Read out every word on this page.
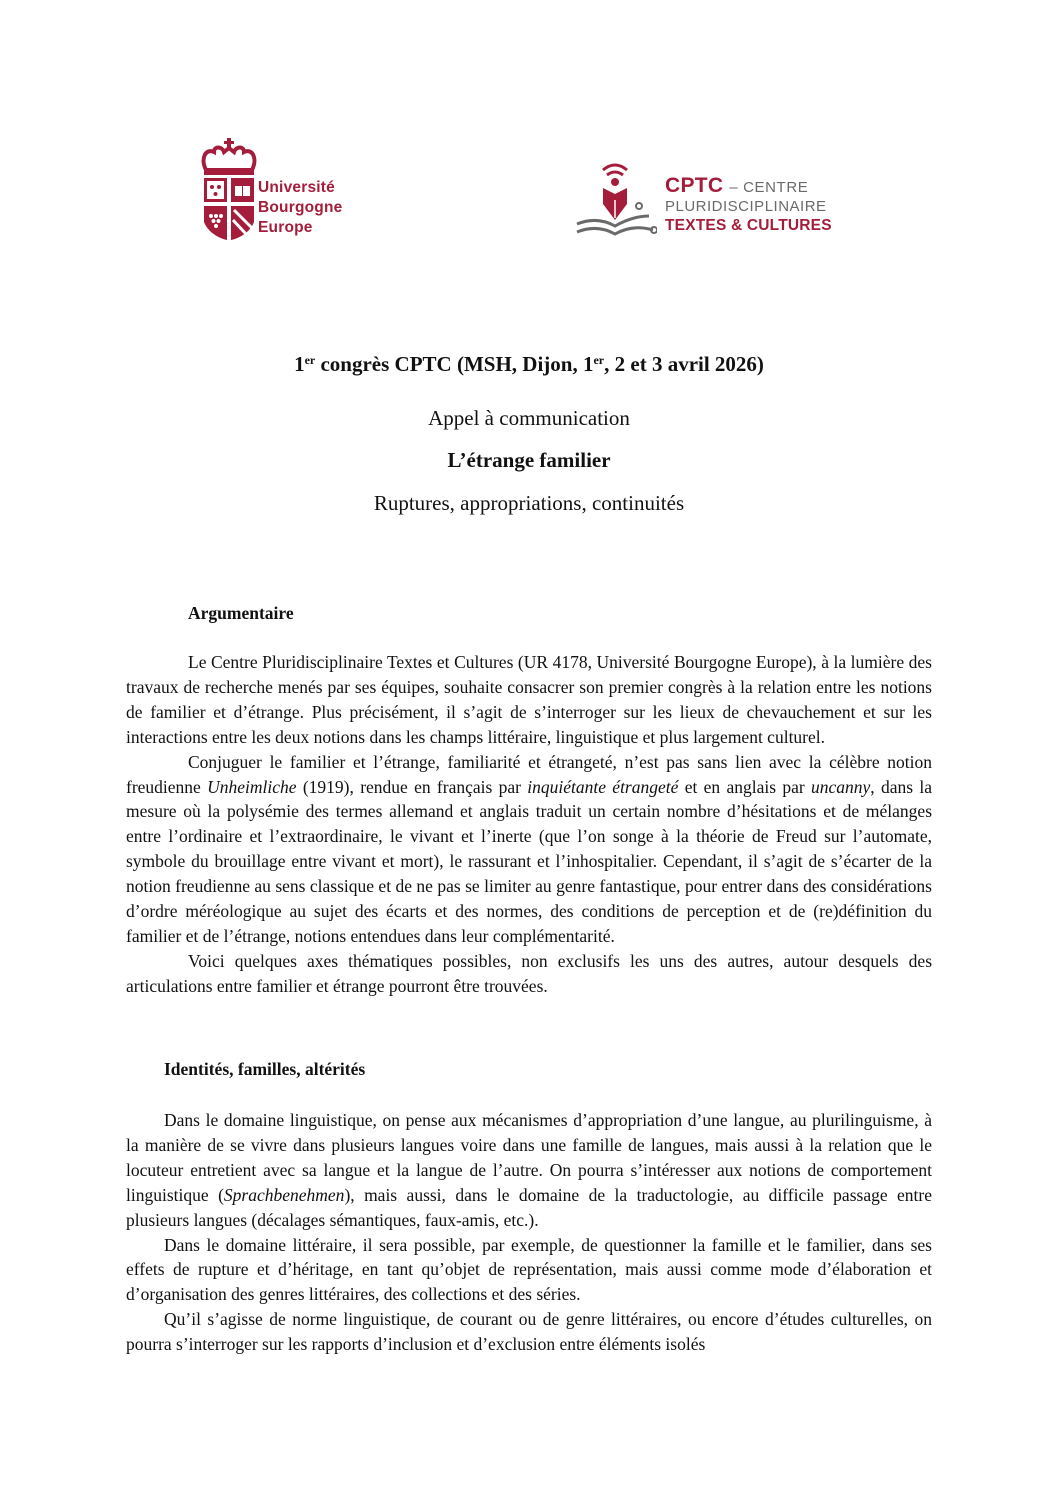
Université
Bourgogne
Europe
CPTC – CENTRE
PLURIDISCIPLINAIRE
TEXTES & CULTURES
1er congrès CPTC (MSH, Dijon, 1er, 2 et 3 avril 2026)
Appel à communication
L’étrange familier
Ruptures, appropriations, continuités
Argumentaire

Le Centre Pluridisciplinaire Textes et Cultures (UR 4178, Université Bourgogne Europe), à la lumière des travaux de recherche menés par ses équipes, souhaite consacrer son premier congrès à la relation entre les notions de familier et d’étrange. Plus précisément, il s’agit de s’interroger sur les lieux de chevauchement et sur les interactions entre les deux notions dans les champs littéraire, linguistique et plus largement culturel.

Conjuguer le familier et l’étrange, familiarité et étrangeté, n’est pas sans lien avec la célèbre notion freudienne Unheimliche (1919), rendue en français par inquiétante étrangeté et en anglais par uncanny, dans la mesure où la polysémie des termes allemand et anglais traduit un certain nombre d’hésitations et de mélanges entre l’ordinaire et l’extraordinaire, le vivant et l’inerte (que l’on songe à la théorie de Freud sur l’automate, symbole du brouillage entre vivant et mort), le rassurant et l’inhospitalier. Cependant, il s’agit de s’écarter de la notion freudienne au sens classique et de ne pas se limiter au genre fantastique, pour entrer dans des considérations d’ordre méréologique au sujet des écarts et des normes, des conditions de perception et de (re)définition du familier et de l’étrange, notions entendues dans leur complémentarité.

Voici quelques axes thématiques possibles, non exclusifs les uns des autres, autour desquels des articulations entre familier et étrange pourront être trouvées.

Identités, familles, altérités

Dans le domaine linguistique, on pense aux mécanismes d’appropriation d’une langue, au plurilinguisme, à la manière de se vivre dans plusieurs langues voire dans une famille de langues, mais aussi à la relation que le locuteur entretient avec sa langue et la langue de l’autre. On pourra s’intéresser aux notions de comportement linguistique (Sprachbenehmen), mais aussi, dans le domaine de la traductologie, au difficile passage entre plusieurs langues (décalages sémantiques, faux-amis, etc.).

Dans le domaine littéraire, il sera possible, par exemple, de questionner la famille et le familier, dans ses effets de rupture et d’héritage, en tant qu’objet de représentation, mais aussi comme mode d’élaboration et d’organisation des genres littéraires, des collections et des séries.

Qu’il s’agisse de norme linguistique, de courant ou de genre littéraires, ou encore d’études culturelles, on pourra s’interroger sur les rapports d’inclusion et d’exclusion entre éléments isolés
